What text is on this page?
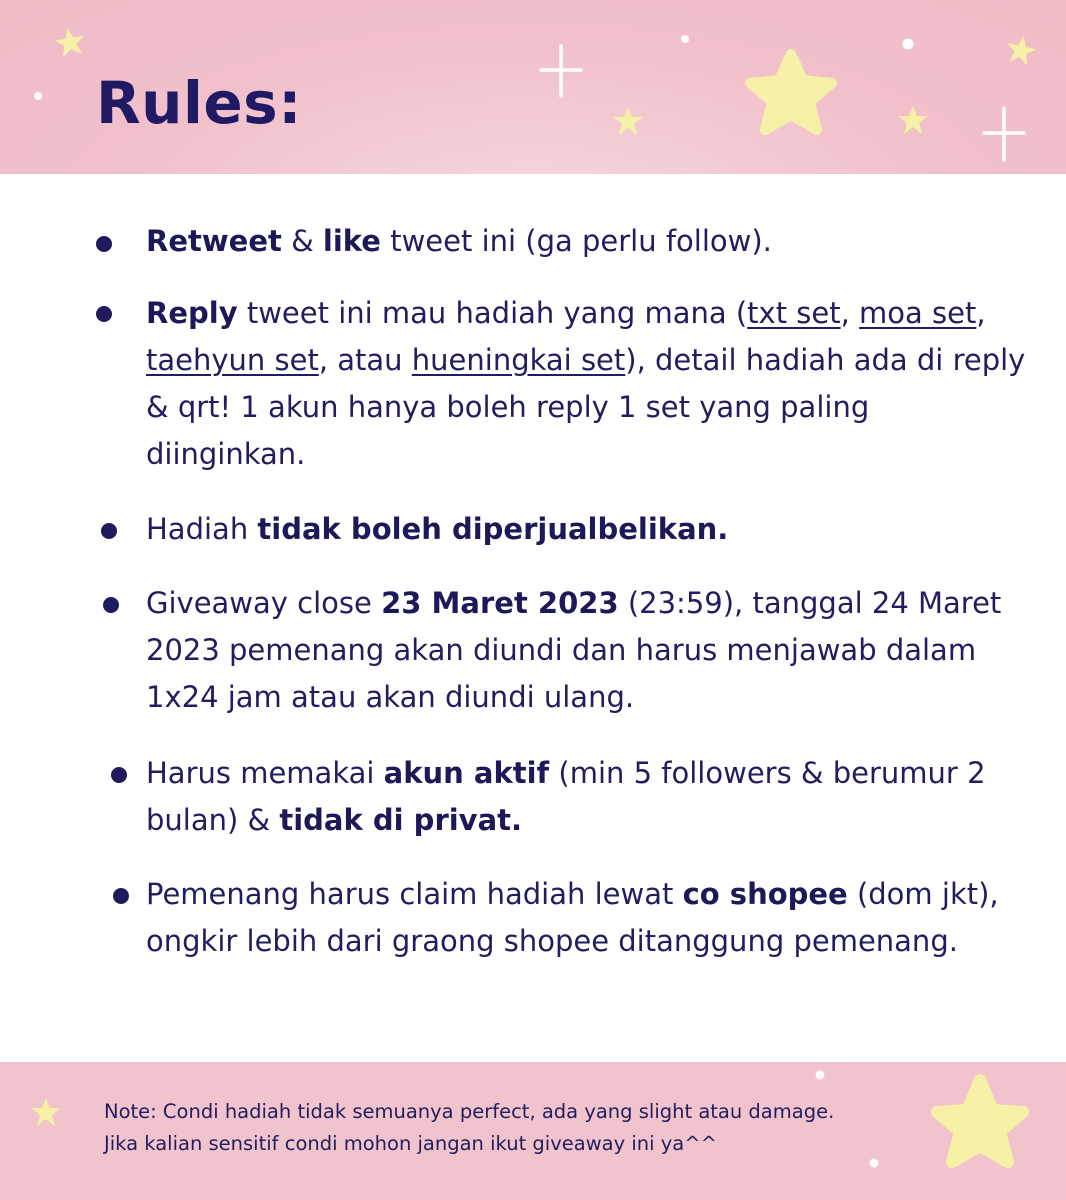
Rules:
Retweet & like tweet ini (ga perlu follow).
Reply tweet ini mau hadiah yang mana (txt set, moa set, taehyun set, atau hueningkai set), detail hadiah ada di reply & qrt! 1 akun hanya boleh reply 1 set yang paling diinginkan.
Hadiah tidak boleh diperjualbelikan.
Giveaway close 23 Maret 2023 (23:59), tanggal 24 Maret 2023 pemenang akan diundi dan harus menjawab dalam 1x24 jam atau akan diundi ulang.
Harus memakai akun aktif (min 5 followers & berumur 2 bulan) & tidak di privat.
Pemenang harus claim hadiah lewat co shopee (dom jkt), ongkir lebih dari graong shopee ditanggung pemenang.
Note: Condi hadiah tidak semuanya perfect, ada yang slight atau damage.
Jika kalian sensitif condi mohon jangan ikut giveaway ini ya^^
